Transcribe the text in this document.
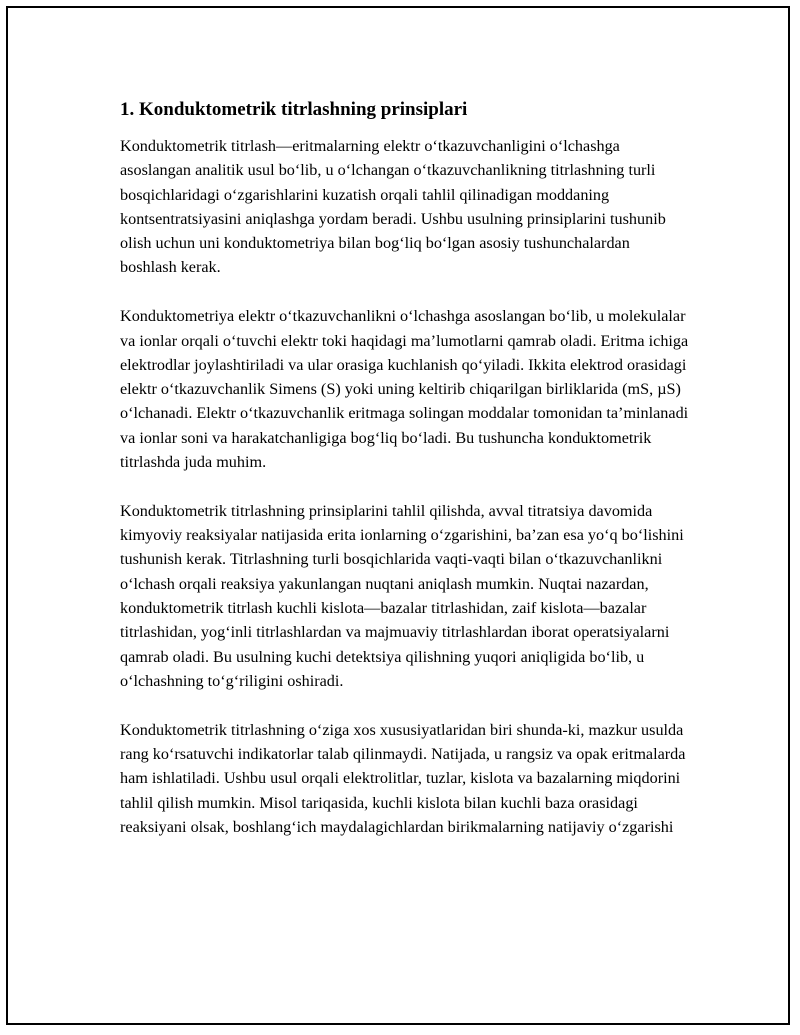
1. Konduktometrik titrlashning prinsiplari

Konduktometrik titrlash—eritmalarning elektr oʻtkazuvchanligini oʻlchashga asoslangan analitik usul boʻlib, u oʻlchangan oʻtkazuvchanlikning titrlashning turli bosqichlaridagi oʻzgarishlarini kuzatish orqali tahlil qilinadigan moddaning kontsentratsiyasini aniqlashga yordam beradi. Ushbu usulning prinsiplarini tushunib olish uchun uni konduktometriya bilan bogʻliq boʻlgan asosiy tushunchalardan boshlash kerak.

Konduktometriya elektr oʻtkazuvchanlikni oʻlchashga asoslangan boʻlib, u molekulalar va ionlar orqali oʻtuvchi elektr toki haqidagi maʼlumotlarni qamrab oladi. Eritma ichiga elektrodlar joylashtiriladi va ular orasiga kuchlanish qoʻyiladi. Ikkita elektrod orasidagi elektr oʻtkazuvchanlik Simens (S) yoki uning keltirib chiqarilgan birliklarida (mS, µS) oʻlchanadi. Elektr oʻtkazuvchanlik eritmaga solingan moddalar tomonidan taʼminlanadi va ionlar soni va harakatchanligiga bogʻliq boʻladi. Bu tushuncha konduktometrik titrlashda juda muhim.

Konduktometrik titrlashning prinsiplarini tahlil qilishda, avval titratsiya davomida kimyoviy reaksiyalar natijasida erita ionlarning oʻzgarishini, baʼzan esa yoʻq boʻlishini tushunish kerak. Titrlashning turli bosqichlarida vaqti-vaqti bilan oʻtkazuvchanlikni oʻlchash orqali reaksiya yakunlangan nuqtani aniqlash mumkin. Nuqtai nazardan, konduktometrik titrlash kuchli kislota—bazalar titrlashidan, zaif kislota—bazalar titrlashidan, yogʻinli titrlashlardan va majmuaviy titrlashlardan iborat operatsiyalarni qamrab oladi. Bu usulning kuchi detektsiya qilishning yuqori aniqligida boʻlib, u oʻlchashning toʻgʻriligini oshiradi.

Konduktometrik titrlashning oʻziga xos xususiyatlaridan biri shunda-ki, mazkur usulda rang koʻrsatuvchi indikatorlar talab qilinmaydi. Natijada, u rangsiz va opak eritmalarda ham ishlatiladi. Ushbu usul orqali elektrolitlar, tuzlar, kislota va bazalarning miqdorini tahlil qilish mumkin. Misol tariqasida, kuchli kislota bilan kuchli baza orasidagi reaksiyani olsak, boshlangʻich maydalagichlardan birikmalarning natijaviy oʻzgarishi
